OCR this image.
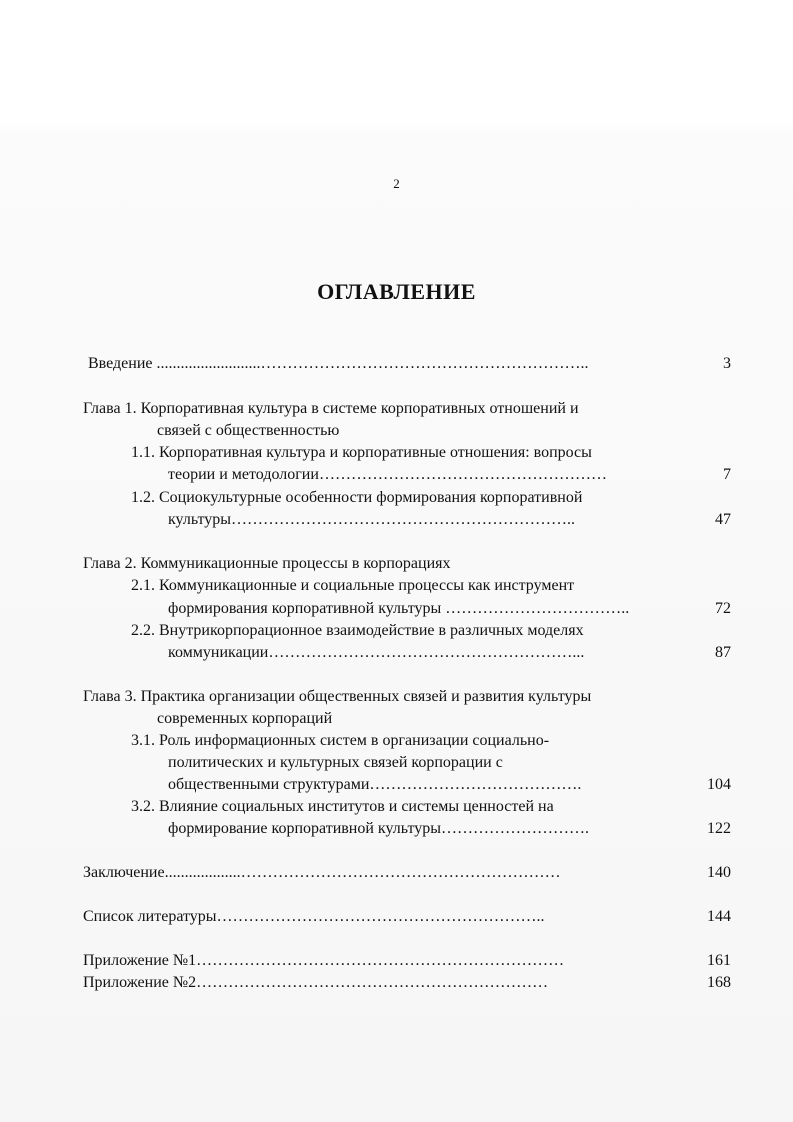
2
ОГЛАВЛЕНИЕ
Введение ..........................……………………………………………………..	3
Глава 1. Корпоративная культура в системе корпоративных отношений и
связей с общественностью
1.1. Корпоративная культура и корпоративные отношения: вопросы
теории и методологии………………………………………………	7
1.2. Социокультурные особенности формирования корпоративной
культуры………………………………………………………..	47
Глава 2. Коммуникационные процессы в корпорациях
2.1. Коммуникационные и социальные процессы как инструмент
формирования корпоративной культуры ……………………………..	72
2.2. Внутрикорпорационное взаимодействие в различных моделях
коммуникации…………………………………………………...	87
Глава 3. Практика организации общественных связей и развития культуры
современных корпораций
3.1. Роль информационных систем в организации социально-
политических и культурных связей корпорации с
общественными структурами………………………………….	104
3.2. Влияние социальных институтов и системы ценностей на
формирование корпоративной культуры……………………….	122
Заключение...................……………………………………………………	140
Список литературы……………………………………………………..	144
Приложение №1……………………………………………………………	161
Приложение №2…………………………………………………………	168
